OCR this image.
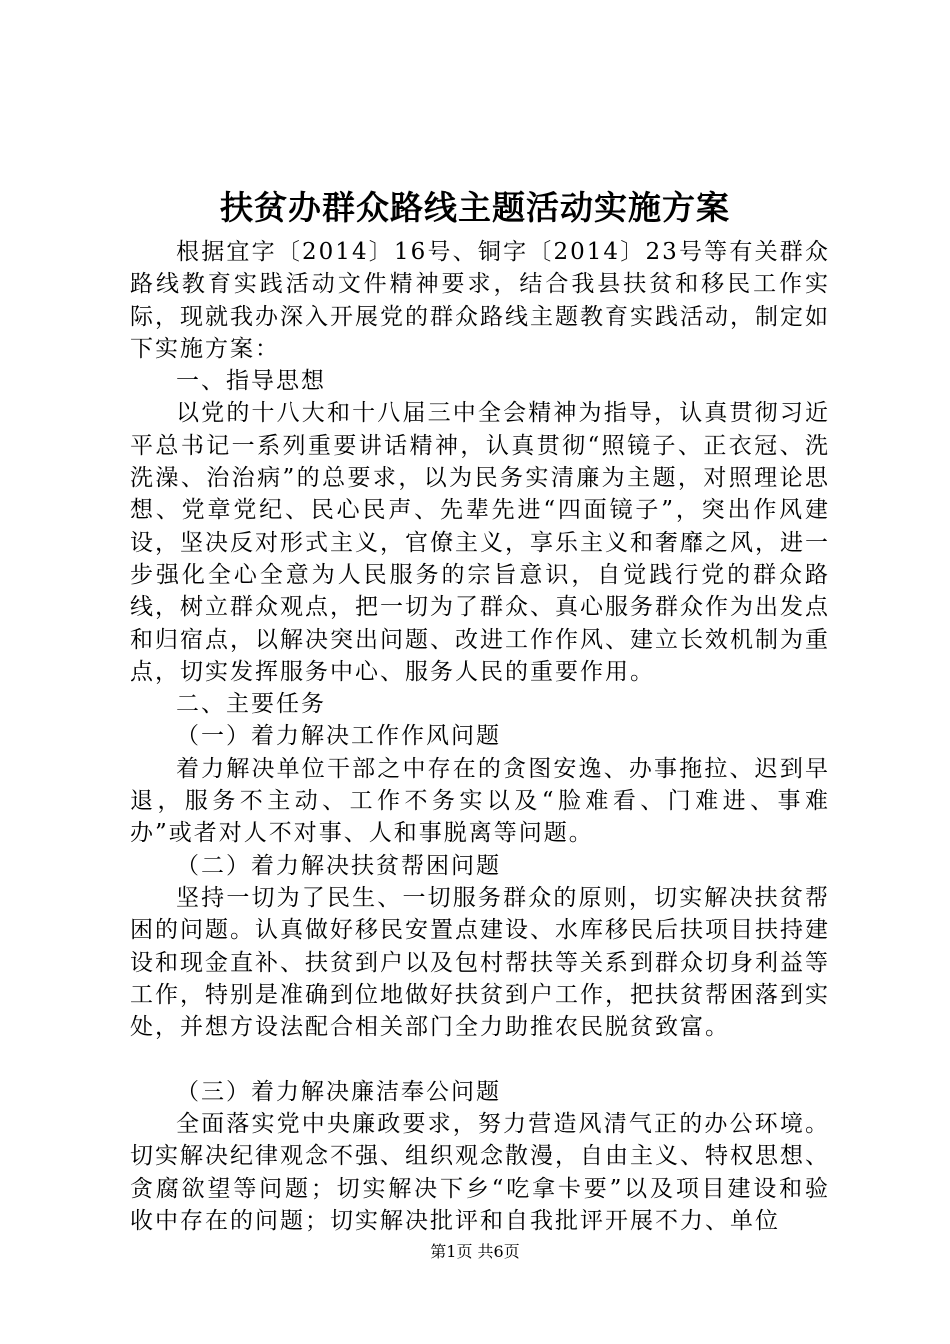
扶贫办群众路线主题活动实施方案

根据宜字〔2014〕16号、铜字〔2014〕23号等有关群众路线教育实践活动文件精神要求，结合我县扶贫和移民工作实际，现就我办深入开展党的群众路线主题教育实践活动，制定如下实施方案：

一、指导思想

以党的十八大和十八届三中全会精神为指导，认真贯彻习近平总书记一系列重要讲话精神，认真贯彻“照镜子、正衣冠、洗洗澡、治治病”的总要求，以为民务实清廉为主题，对照理论思想、党章党纪、民心民声、先辈先进“四面镜子”，突出作风建设，坚决反对形式主义，官僚主义，享乐主义和奢靡之风，进一步强化全心全意为人民服务的宗旨意识，自觉践行党的群众路线，树立群众观点，把一切为了群众、真心服务群众作为出发点和归宿点，以解决突出问题、改进工作作风、建立长效机制为重点，切实发挥服务中心、服务人民的重要作用。

二、主要任务

（一）着力解决工作作风问题

着力解决单位干部之中存在的贪图安逸、办事拖拉、迟到早退，服务不主动、工作不务实以及“脸难看、门难进、事难办”或者对人不对事、人和事脱离等问题。

（二）着力解决扶贫帮困问题

坚持一切为了民生、一切服务群众的原则，切实解决扶贫帮困的问题。认真做好移民安置点建设、水库移民后扶项目扶持建设和现金直补、扶贫到户以及包村帮扶等关系到群众切身利益等工作，特别是准确到位地做好扶贫到户工作，把扶贫帮困落到实处，并想方设法配合相关部门全力助推农民脱贫致富。

（三）着力解决廉洁奉公问题

全面落实党中央廉政要求，努力营造风清气正的办公环境。切实解决纪律观念不强、组织观念散漫，自由主义、特权思想、贪腐欲望等问题；切实解决下乡“吃拿卡要”以及项目建设和验收中存在的问题；切实解决批评和自我批评开展不力、单位

第1页 共6页
